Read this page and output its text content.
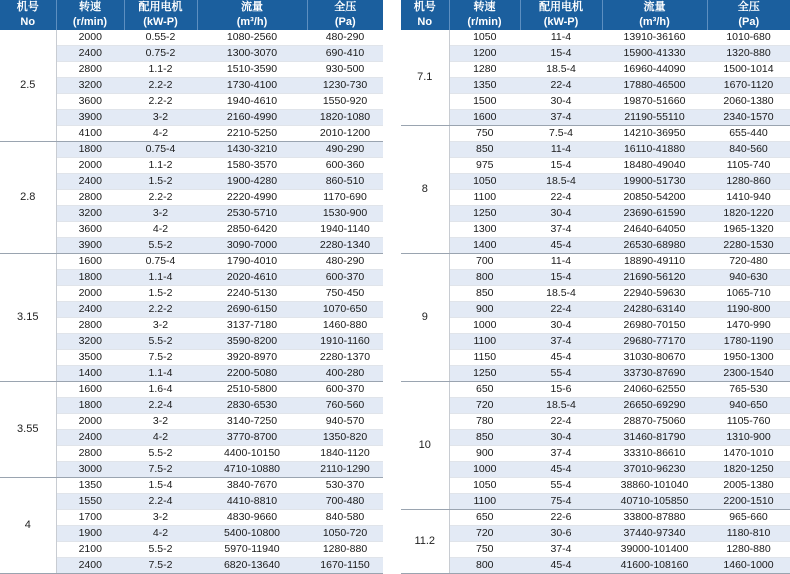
机号	转速	配用电机	流量	全压
No	(r/min)	(kW-P)	(m³/h)	(Pa)
2.5	2000	0.55-2	1080-2560	480-290
	2400	0.75-2	1300-3070	690-410
	2800	1.1-2	1510-3590	930-500
	3200	2.2-2	1730-4100	1230-730
	3600	2.2-2	1940-4610	1550-920
	3900	3-2	2160-4990	1820-1080
	4100	4-2	2210-5250	2010-1200
2.8	1800	0.75-4	1430-3210	490-290
	2000	1.1-2	1580-3570	600-360
	2400	1.5-2	1900-4280	860-510
	2800	2.2-2	2220-4990	1170-690
	3200	3-2	2530-5710	1530-900
	3600	4-2	2850-6420	1940-1140
	3900	5.5-2	3090-7000	2280-1340
3.15	1600	0.75-4	1790-4010	480-290
	1800	1.1-4	2020-4610	600-370
	2000	1.5-2	2240-5130	750-450
	2400	2.2-2	2690-6150	1070-650
	2800	3-2	3137-7180	1460-880
	3200	5.5-2	3590-8200	1910-1160
	3500	7.5-2	3920-8970	2280-1370
	1400	1.1-4	2200-5080	400-280
3.55	1600	1.6-4	2510-5800	600-370
	1800	2.2-4	2830-6530	760-560
	2000	3-2	3140-7250	940-570
	2400	4-2	3770-8700	1350-820
	2800	5.5-2	4400-10150	1840-1120
	3000	7.5-2	4710-10880	2110-1290
4	1350	1.5-4	3840-7670	530-370
	1550	2.2-4	4410-8810	700-480
	1700	3-2	4830-9660	840-580
	1900	4-2	5400-10800	1050-720
	2100	5.5-2	5970-11940	1280-880
	2400	7.5-2	6820-13640	1670-1150
机号	转速	配用电机	流量	全压
No	(r/min)	(kW-P)	(m³/h)	(Pa)
7.1	1050	11-4	13910-36160	1010-680
	1200	15-4	15900-41330	1320-880
	1280	18.5-4	16960-44090	1500-1014
	1350	22-4	17880-46500	1670-1120
	1500	30-4	19870-51660	2060-1380
	1600	37-4	21190-55110	2340-1570
8	750	7.5-4	14210-36950	655-440
	850	11-4	16110-41880	840-560
	975	15-4	18480-49040	1105-740
	1050	18.5-4	19900-51730	1280-860
	1100	22-4	20850-54200	1410-940
	1250	30-4	23690-61590	1820-1220
	1300	37-4	24640-64050	1965-1320
	1400	45-4	26530-68980	2280-1530
9	700	11-4	18890-49110	720-480
	800	15-4	21690-56120	940-630
	850	18.5-4	22940-59630	1065-710
	900	22-4	24280-63140	1190-800
	1000	30-4	26980-70150	1470-990
	1100	37-4	29680-77170	1780-1190
	1150	45-4	31030-80670	1950-1300
	1250	55-4	33730-87690	2300-1540
10	650	15-6	24060-62550	765-530
	720	18.5-4	26650-69290	940-650
	780	22-4	28870-75060	1105-760
	850	30-4	31460-81790	1310-900
	900	37-4	33310-86610	1470-1010
	1000	45-4	37010-96230	1820-1250
	1050	55-4	38860-101040	2005-1380
	1100	75-4	40710-105850	2200-1510
11.2	650	22-6	33800-87880	965-660
	720	30-6	37440-97340	1180-810
	750	37-4	39000-101400	1280-880
	800	45-4	41600-108160	1460-1000
